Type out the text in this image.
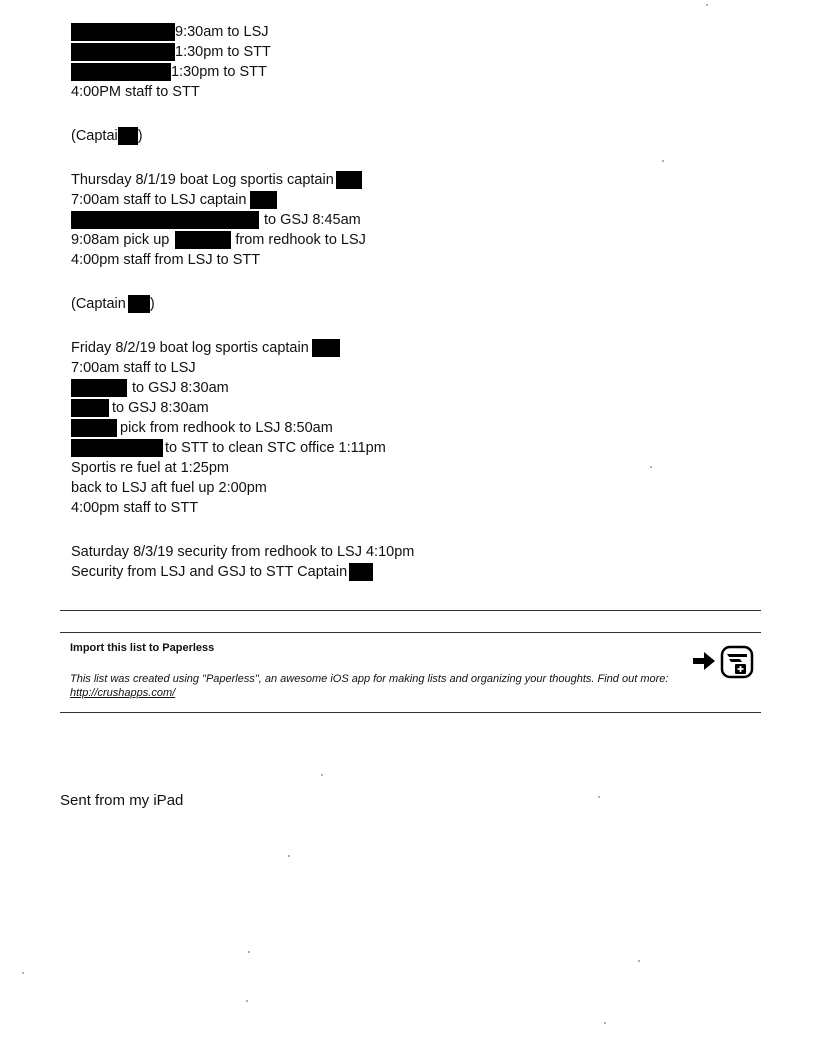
9:30am to LSJ
1:30pm to STT
1:30pm to STT
4:00PM staff to STT
(Captai )
Thursday 8/1/19 boat Log sportis captain
7:00am staff to LSJ captain
to GSJ 8:45am
9:08am pick up	from redhook to LSJ
4:00pm staff from LSJ to STT
(Captain )
Friday 8/2/19 boat log sportis captain
7:00am staff to LSJ
to GSJ 8:30am
to GSJ 8:30am
pick from redhook to LSJ 8:50am
to STT to clean STC office 1:11pm
Sportis re fuel at 1:25pm
back to LSJ aft fuel up 2:00pm
4:00pm staff to STT
Saturday 8/3/19 security from redhook to LSJ 4:10pm
Security from LSJ and GSJ to STT Captain
Import this list to Paperless
This list was created using "Paperless", an awesome iOS app for making lists and organizing your thoughts. Find out more: http://crushapps.com/
Sent from my iPad
